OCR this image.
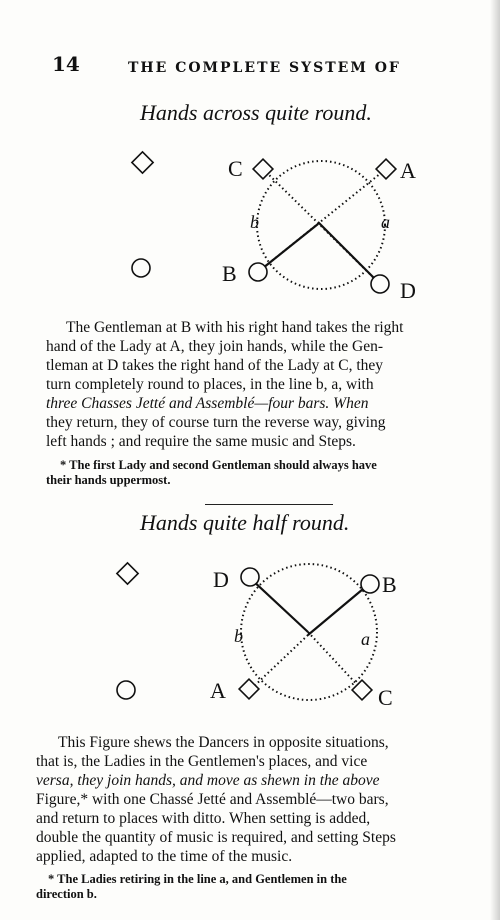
14	THE COMPLETE SYSTEM OF
Hands across quite round.
C	A
B
D
b	a
D	B
A	C
b	a
The Gentleman at B with his right hand takes the right
hand of the Lady at A, they join hands, while the Gen-
tleman at D takes the right hand of the Lady at C, they
turn completely round to places, in the line b, a, with
three Chasses Jetté and Assemblé—four bars. When
they return, they of course turn the reverse way, giving
left hands ; and require the same music and Steps.
* The first Lady and second Gentleman should always have
their hands uppermost.
Hands quite half round.
This Figure shews the Dancers in opposite situations,
that is, the Ladies in the Gentlemen's places, and vice
versa, they join hands, and move as shewn in the above
Figure,* with one Chassé Jetté and Assemblé—two bars,
and return to places with ditto. When setting is added,
double the quantity of music is required, and setting Steps
applied, adapted to the time of the music.
* The Ladies retiring in the line a, and Gentlemen in the
direction b.
